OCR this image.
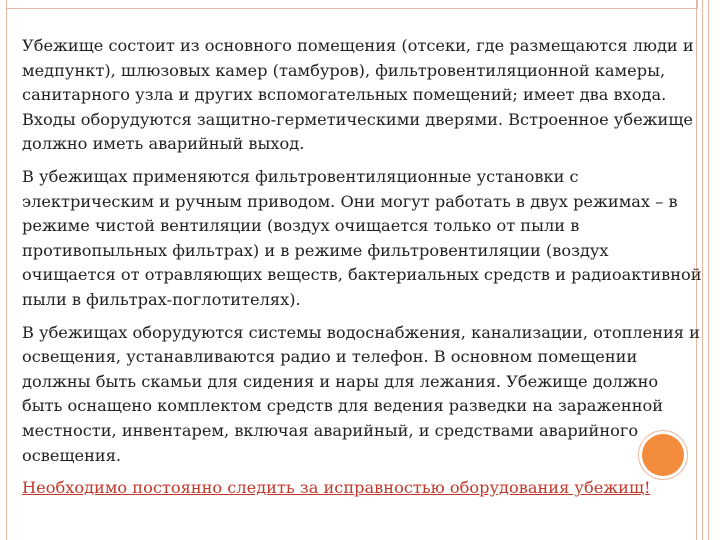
Убежище состоит из основного помещения (отсеки, где размещаются люди и медпункт), шлюзовых камер (тамбуров), фильтровентиляционной камеры, санитарного узла и других вспомогательных помещений; имеет два входа. Входы оборудуются защитно-герметическими дверями. Встроенное убежище должно иметь аварийный выход.

В убежищах применяются фильтровентиляционные установки с электрическим и ручным приводом. Они могут работать в двух режимах – в режиме чистой вентиляции (воздух очищается только от пыли в противопыльных фильтрах) и в режиме фильтровентиляции (воздух очищается от отравляющих веществ, бактериальных средств и радиоактивной пыли в фильтрах-поглотителях).

В убежищах оборудуются системы водоснабжения, канализации, отопления и освещения, устанавливаются радио и телефон. В основном помещении должны быть скамьи для сидения и нары для лежания. Убежище должно быть оснащено комплектом средств для ведения разведки на зараженной местности, инвентарем, включая аварийный, и средствами аварийного освещения.

Необходимо постоянно следить за исправностью оборудования убежищ!
